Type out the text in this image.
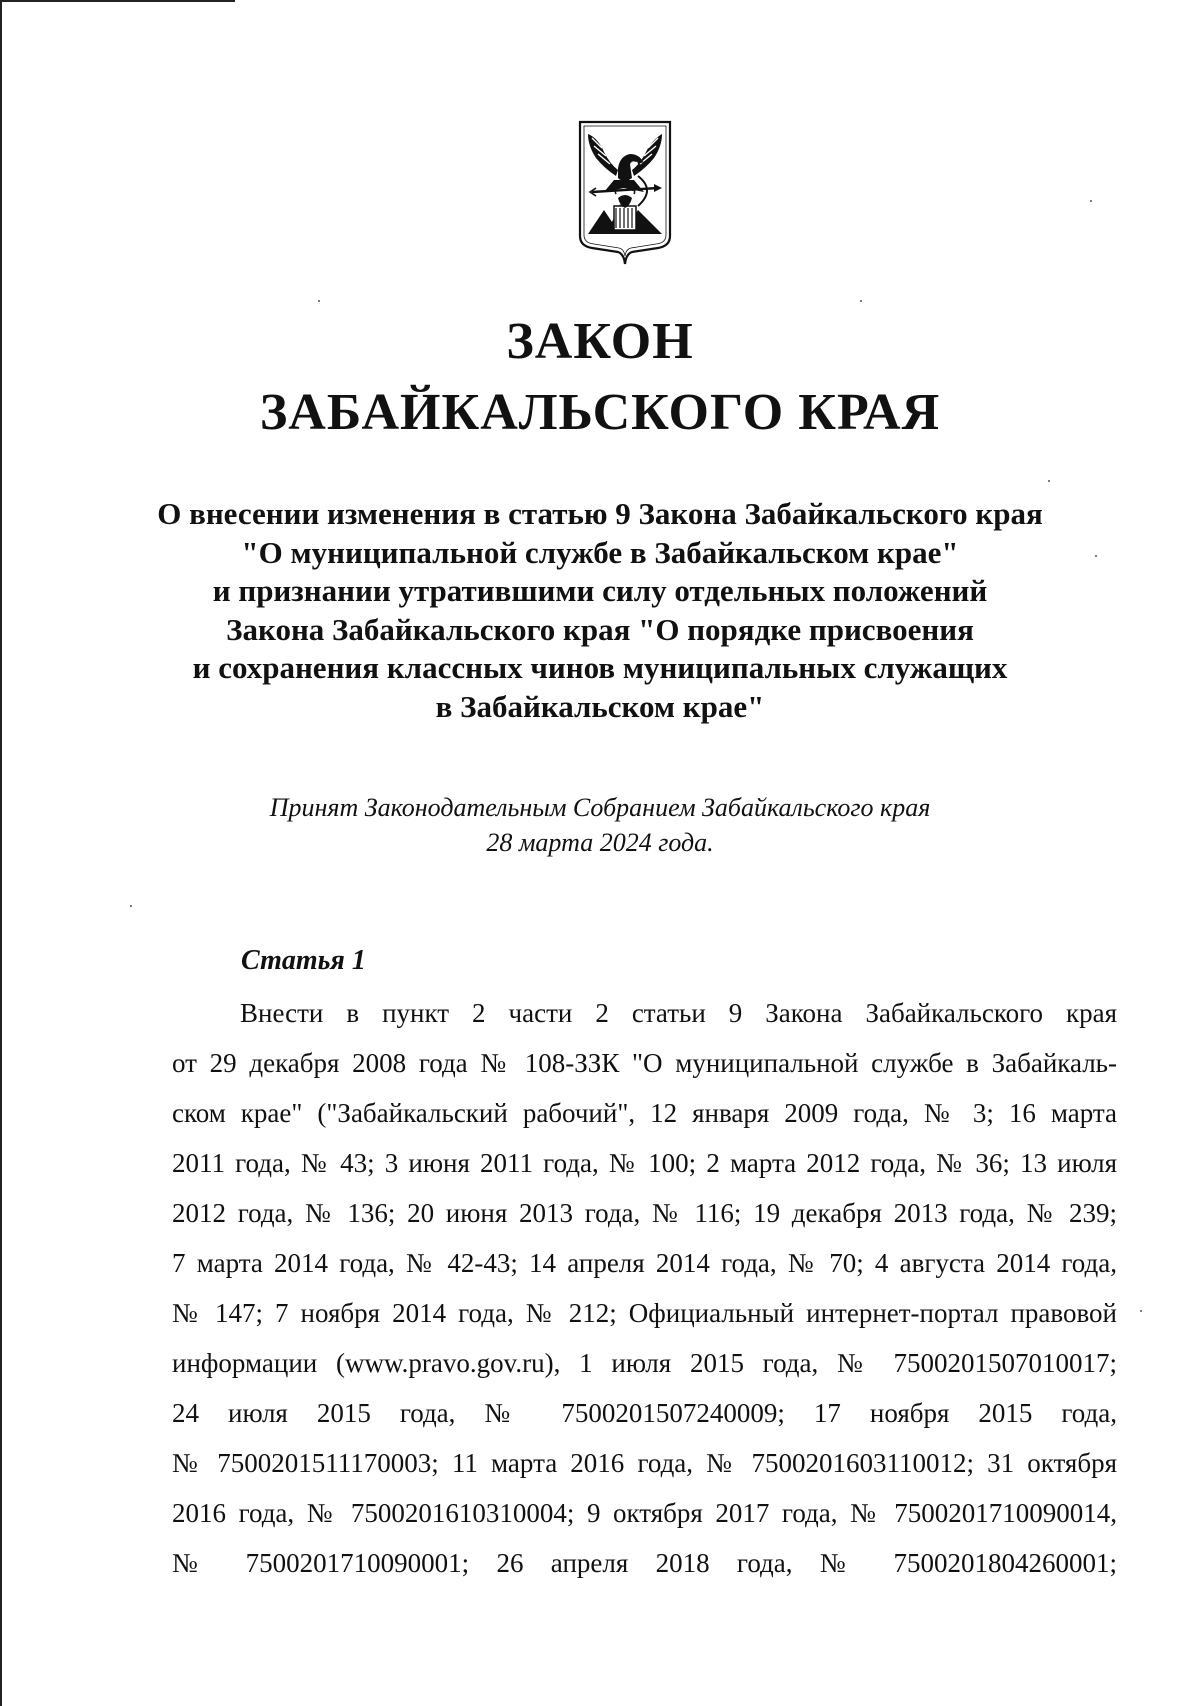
ЗАКОН
ЗАБАЙКАЛЬСКОГО КРАЯ
О внесении изменения в статью 9 Закона Забайкальского края
"О муниципальной службе в Забайкальском крае"
и признании утратившими силу отдельных положений
Закона Забайкальского края "О порядке присвоения
и сохранения классных чинов муниципальных служащих
в Забайкальском крае"
Принят Законодательным Собранием Забайкальского края
28 марта 2024 года.
Статья 1
Внести в пункт 2 части 2 статьи 9 Закона Забайкальского края
от 29 декабря 2008 года № 108-ЗЗК "О муниципальной службе в Забайкаль-
ском крае" ("Забайкальский рабочий", 12 января 2009 года, № 3; 16 марта
2011 года, № 43; 3 июня 2011 года, № 100; 2 марта 2012 года, № 36; 13 июля
2012 года, № 136; 20 июня 2013 года, № 116; 19 декабря 2013 года, № 239;
7 марта 2014 года, № 42-43; 14 апреля 2014 года, № 70; 4 августа 2014 года,
№ 147; 7 ноября 2014 года, № 212; Официальный интернет-портал правовой
информации (www.pravo.gov.ru), 1 июля 2015 года, № 7500201507010017;
24 июля 2015 года, № 7500201507240009; 17 ноября 2015 года,
№ 7500201511170003; 11 марта 2016 года, № 7500201603110012; 31 октября
2016 года, № 7500201610310004; 9 октября 2017 года, № 7500201710090014,
№ 7500201710090001; 26 апреля 2018 года, № 7500201804260001;
